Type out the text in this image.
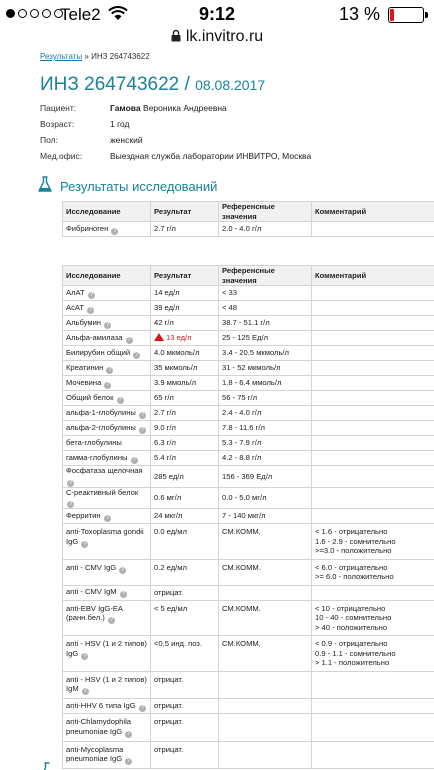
Tele2	9:12	13 %
lk.invitro.ru
Результаты » ИНЗ 264743622
ИНЗ 264743622 / 08.08.2017
Пациент:	Гамова Вероника Андреевна
Возраст:	1 год
Пол:	женский
Мед.офис:	Выездная служба лаборатории ИНВИТРО, Москва
Результаты исследований
Исследование	Результат	Референсные значения	Комментарий
Фибриноген ?	2.7 г/л	2.0 - 4.0 г/л	
Исследование	Результат	Референсные значения	Комментарий
АлАТ ?	14 ед/л	< 33	
АсАТ ?	39 ед/л	< 48	
Альбумин ?	42 г/л	38.7 - 51.1 г/л	
Альфа-амилаза ?	13 ед/л	25 - 125 Ед/л	
Билирубин общий ?	4.0 мкмоль/л	3.4 - 20.5 мкмоль/л	
Креатинин ?	35 мкмоль/л	31 - 52 мкмоль/л	
Мочевина ?	3.9 ммоль/л	1.8 - 6.4 ммоль/л	
Общий белок ?	65 г/л	56 - 75 г/л	
альфа-1-глобулины ?	2.7 г/л	2.4 - 4.0 г/л	
альфа-2-глобулины ?	9.0 г/л	7.8 - 11.6 г/л	
бета-глобулины	6.3 г/л	5.3 - 7.9 г/л	
гамма-глобулины ?	5.4 г/л	4.2 - 8.8 г/л	
Фосфатаза щелочная ?	285 ед/л	156 - 369 Ед/л	
С-реактивный белок ?	0.6 мг/л	0.0 - 5.0 мг/л	
Ферритин ?	24 мкг/л	7 - 140 мкг/л	
anti-Toxoplasma gondii IgG ?	0.0 ед/мл	СМ.КОММ.	< 1.6 - отрицательно
1.6 - 2.9 - сомнительно
>=3.0 - положительно
anti - CMV IgG ?	0.2 ед/мл	СМ.КОММ.	< 6.0 - отрицательно
>= 6.0 - положительно
anti - CMV IgM ?	отрицат.		
anti-EBV IgG-EA (ранн.бел.) ?	< 5 ед/мл	СМ.КОММ.	< 10 - отрицательно
10 - 40 - сомнительно
> 40 - положительно
anti - HSV (1 и 2 типов) IgG ?	<0,5 инд. поз.	СМ.КОММ.	< 0.9 - отрицательно
0.9 - 1.1 - сомнительно
> 1.1 - положительно
anti - HSV (1 и 2 типов) IgM ?	отрицат.		
anti-HHV 6 типа IgG ?	отрицат.		
anti-Chlamydophila pneumoniae IgG ?	отрицат.		
anti-Mycoplasma pneumoniae IgG ?	отрицат.		
